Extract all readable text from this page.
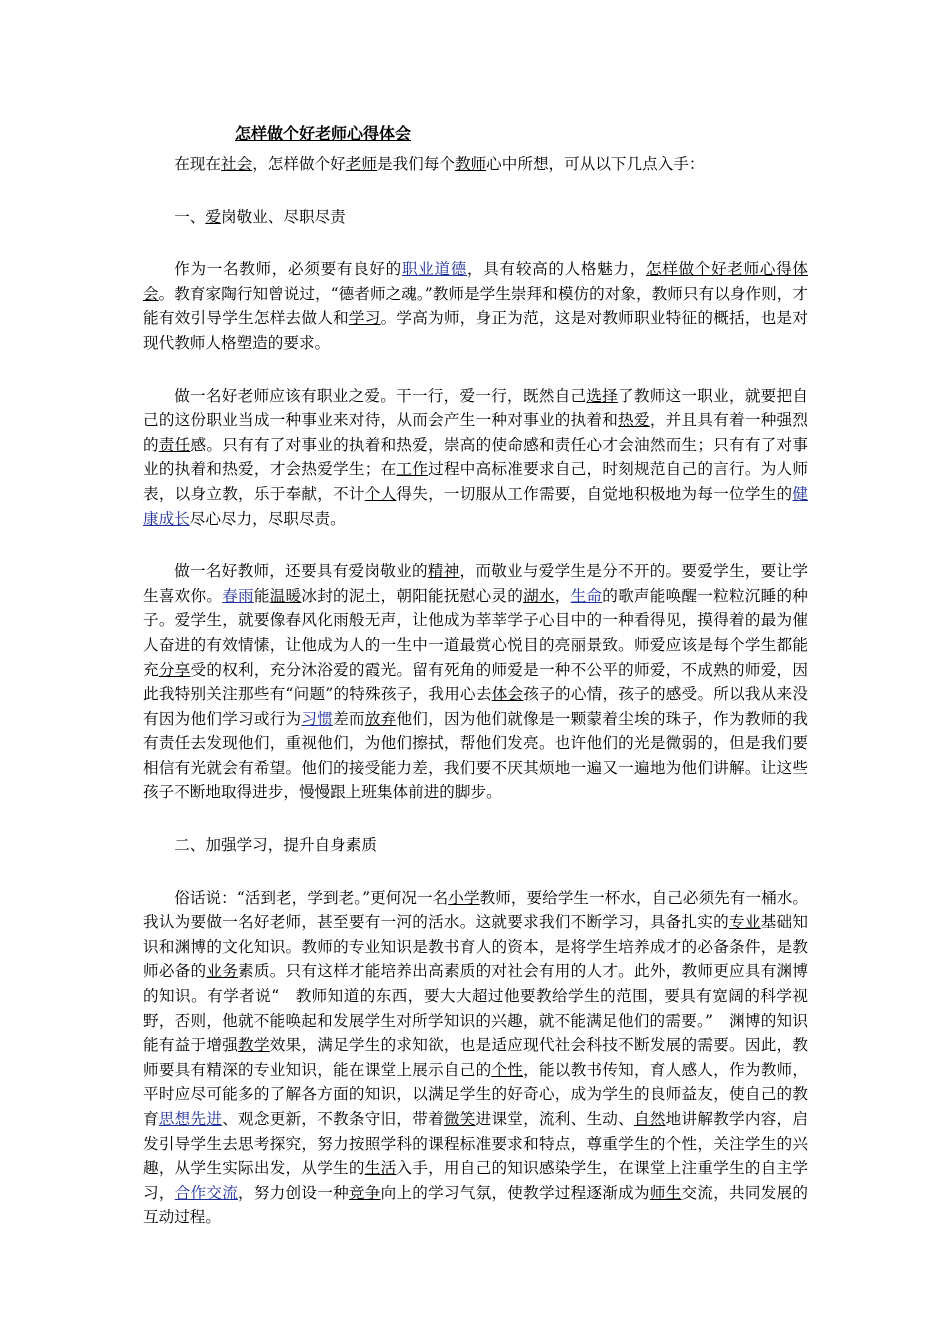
怎样做个好老师心得体会

在现在社会，怎样做个好老师是我们每个教师心中所想，可从以下几点入手：

一、爱岗敬业、尽职尽责

作为一名教师，必须要有良好的职业道德，具有较高的人格魅力，怎样做个好老师心得体会。教育家陶行知曾说过，“德者师之魂。”教师是学生崇拜和模仿的对象，教师只有以身作则，才能有效引导学生怎样去做人和学习。学高为师，身正为范，这是对教师职业特征的概括，也是对现代教师人格塑造的要求。

做一名好老师应该有职业之爱。干一行，爱一行，既然自己选择了教师这一职业，就要把自己的这份职业当成一种事业来对待，从而会产生一种对事业的执着和热爱，并且具有着一种强烈的责任感。只有有了对事业的执着和热爱，崇高的使命感和责任心才会油然而生；只有有了对事业的执着和热爱，才会热爱学生；在工作过程中高标准要求自己，时刻规范自己的言行。为人师表，以身立教，乐于奉献，不计个人得失，一切服从工作需要，自觉地积极地为每一位学生的健康成长尽心尽力，尽职尽责。

做一名好教师，还要具有爱岗敬业的精神，而敬业与爱学生是分不开的。要爱学生，要让学生喜欢你。春雨能温暖冰封的泥土，朝阳能抚慰心灵的湖水，生命的歌声能唤醒一粒粒沉睡的种子。爱学生，就要像春风化雨般无声，让他成为莘莘学子心目中的一种看得见，摸得着的最为催人奋进的有效情愫，让他成为人的一生中一道最赏心悦目的亮丽景致。师爱应该是每个学生都能充分享受的权利，充分沐浴爱的霞光。留有死角的师爱是一种不公平的师爱，不成熟的师爱，因此我特别关注那些有“问题”的特殊孩子，我用心去体会孩子的心情，孩子的感受。所以我从来没有因为他们学习或行为习惯差而放弃他们，因为他们就像是一颗蒙着尘埃的珠子，作为教师的我有责任去发现他们，重视他们，为他们擦拭，帮他们发亮。也许他们的光是微弱的，但是我们要相信有光就会有希望。他们的接受能力差，我们要不厌其烦地一遍又一遍地为他们讲解。让这些孩子不断地取得进步，慢慢跟上班集体前进的脚步。

二、加强学习，提升自身素质

俗话说：“活到老，学到老。”更何况一名小学教师，要给学生一杯水，自己必须先有一桶水。我认为要做一名好老师，甚至要有一河的活水。这就要求我们不断学习，具备扎实的专业基础知识和渊博的文化知识。教师的专业知识是教书育人的资本，是将学生培养成才的必备条件，是教师必备的业务素质。只有这样才能培养出高素质的对社会有用的人才。此外，教师更应具有渊博的知识。有学者说“　教师知道的东西，要大大超过他要教给学生的范围，要具有宽阔的科学视野，否则，他就不能唤起和发展学生对所学知识的兴趣，就不能满足他们的需要。”　渊博的知识能有益于增强教学效果，满足学生的求知欲，也是适应现代社会科技不断发展的需要。因此，教师要具有精深的专业知识，能在课堂上展示自己的个性，能以教书传知，育人感人，作为教师，平时应尽可能多的了解各方面的知识，以满足学生的好奇心，成为学生的良师益友，使自己的教育思想先进、观念更新，不教条守旧，带着微笑进课堂，流利、生动、自然地讲解教学内容，启发引导学生去思考探究，努力按照学科的课程标准要求和特点，尊重学生的个性，关注学生的兴趣，从学生实际出发，从学生的生活入手，用自己的知识感染学生，在课堂上注重学生的自主学习，合作交流，努力创设一种竞争向上的学习气氛，使教学过程逐渐成为师生交流，共同发展的互动过程。
